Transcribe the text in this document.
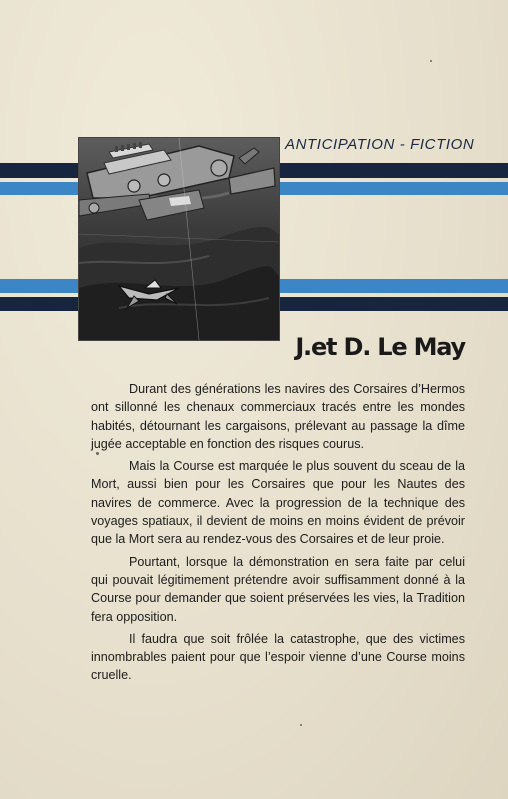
ANTICIPATION - FICTION
J.et D. Le May

Durant des générations les navires des Corsaires d’Hermos ont sillonné les chenaux commerciaux tracés entre les mondes habités, détournant les cargaisons, prélevant au passage la dîme jugée acceptable en fonction des risques courus.

Mais la Course est marquée le plus souvent du sceau de la Mort, aussi bien pour les Corsaires que pour les Nautes des navires de commerce. Avec la progression de la technique des voyages spatiaux, il devient de moins en moins évident de prévoir que la Mort sera au rendez-vous des Corsaires et de leur proie.

Pourtant, lorsque la démonstration en sera faite par celui qui pouvait légitimement prétendre avoir suffisamment donné à la Course pour demander que soient préservées les vies, la Tradition fera opposition.

Il faudra que soit frôlée la catastrophe, que des victimes innombrables paient pour que l’espoir vienne d’une Course moins cruelle.
